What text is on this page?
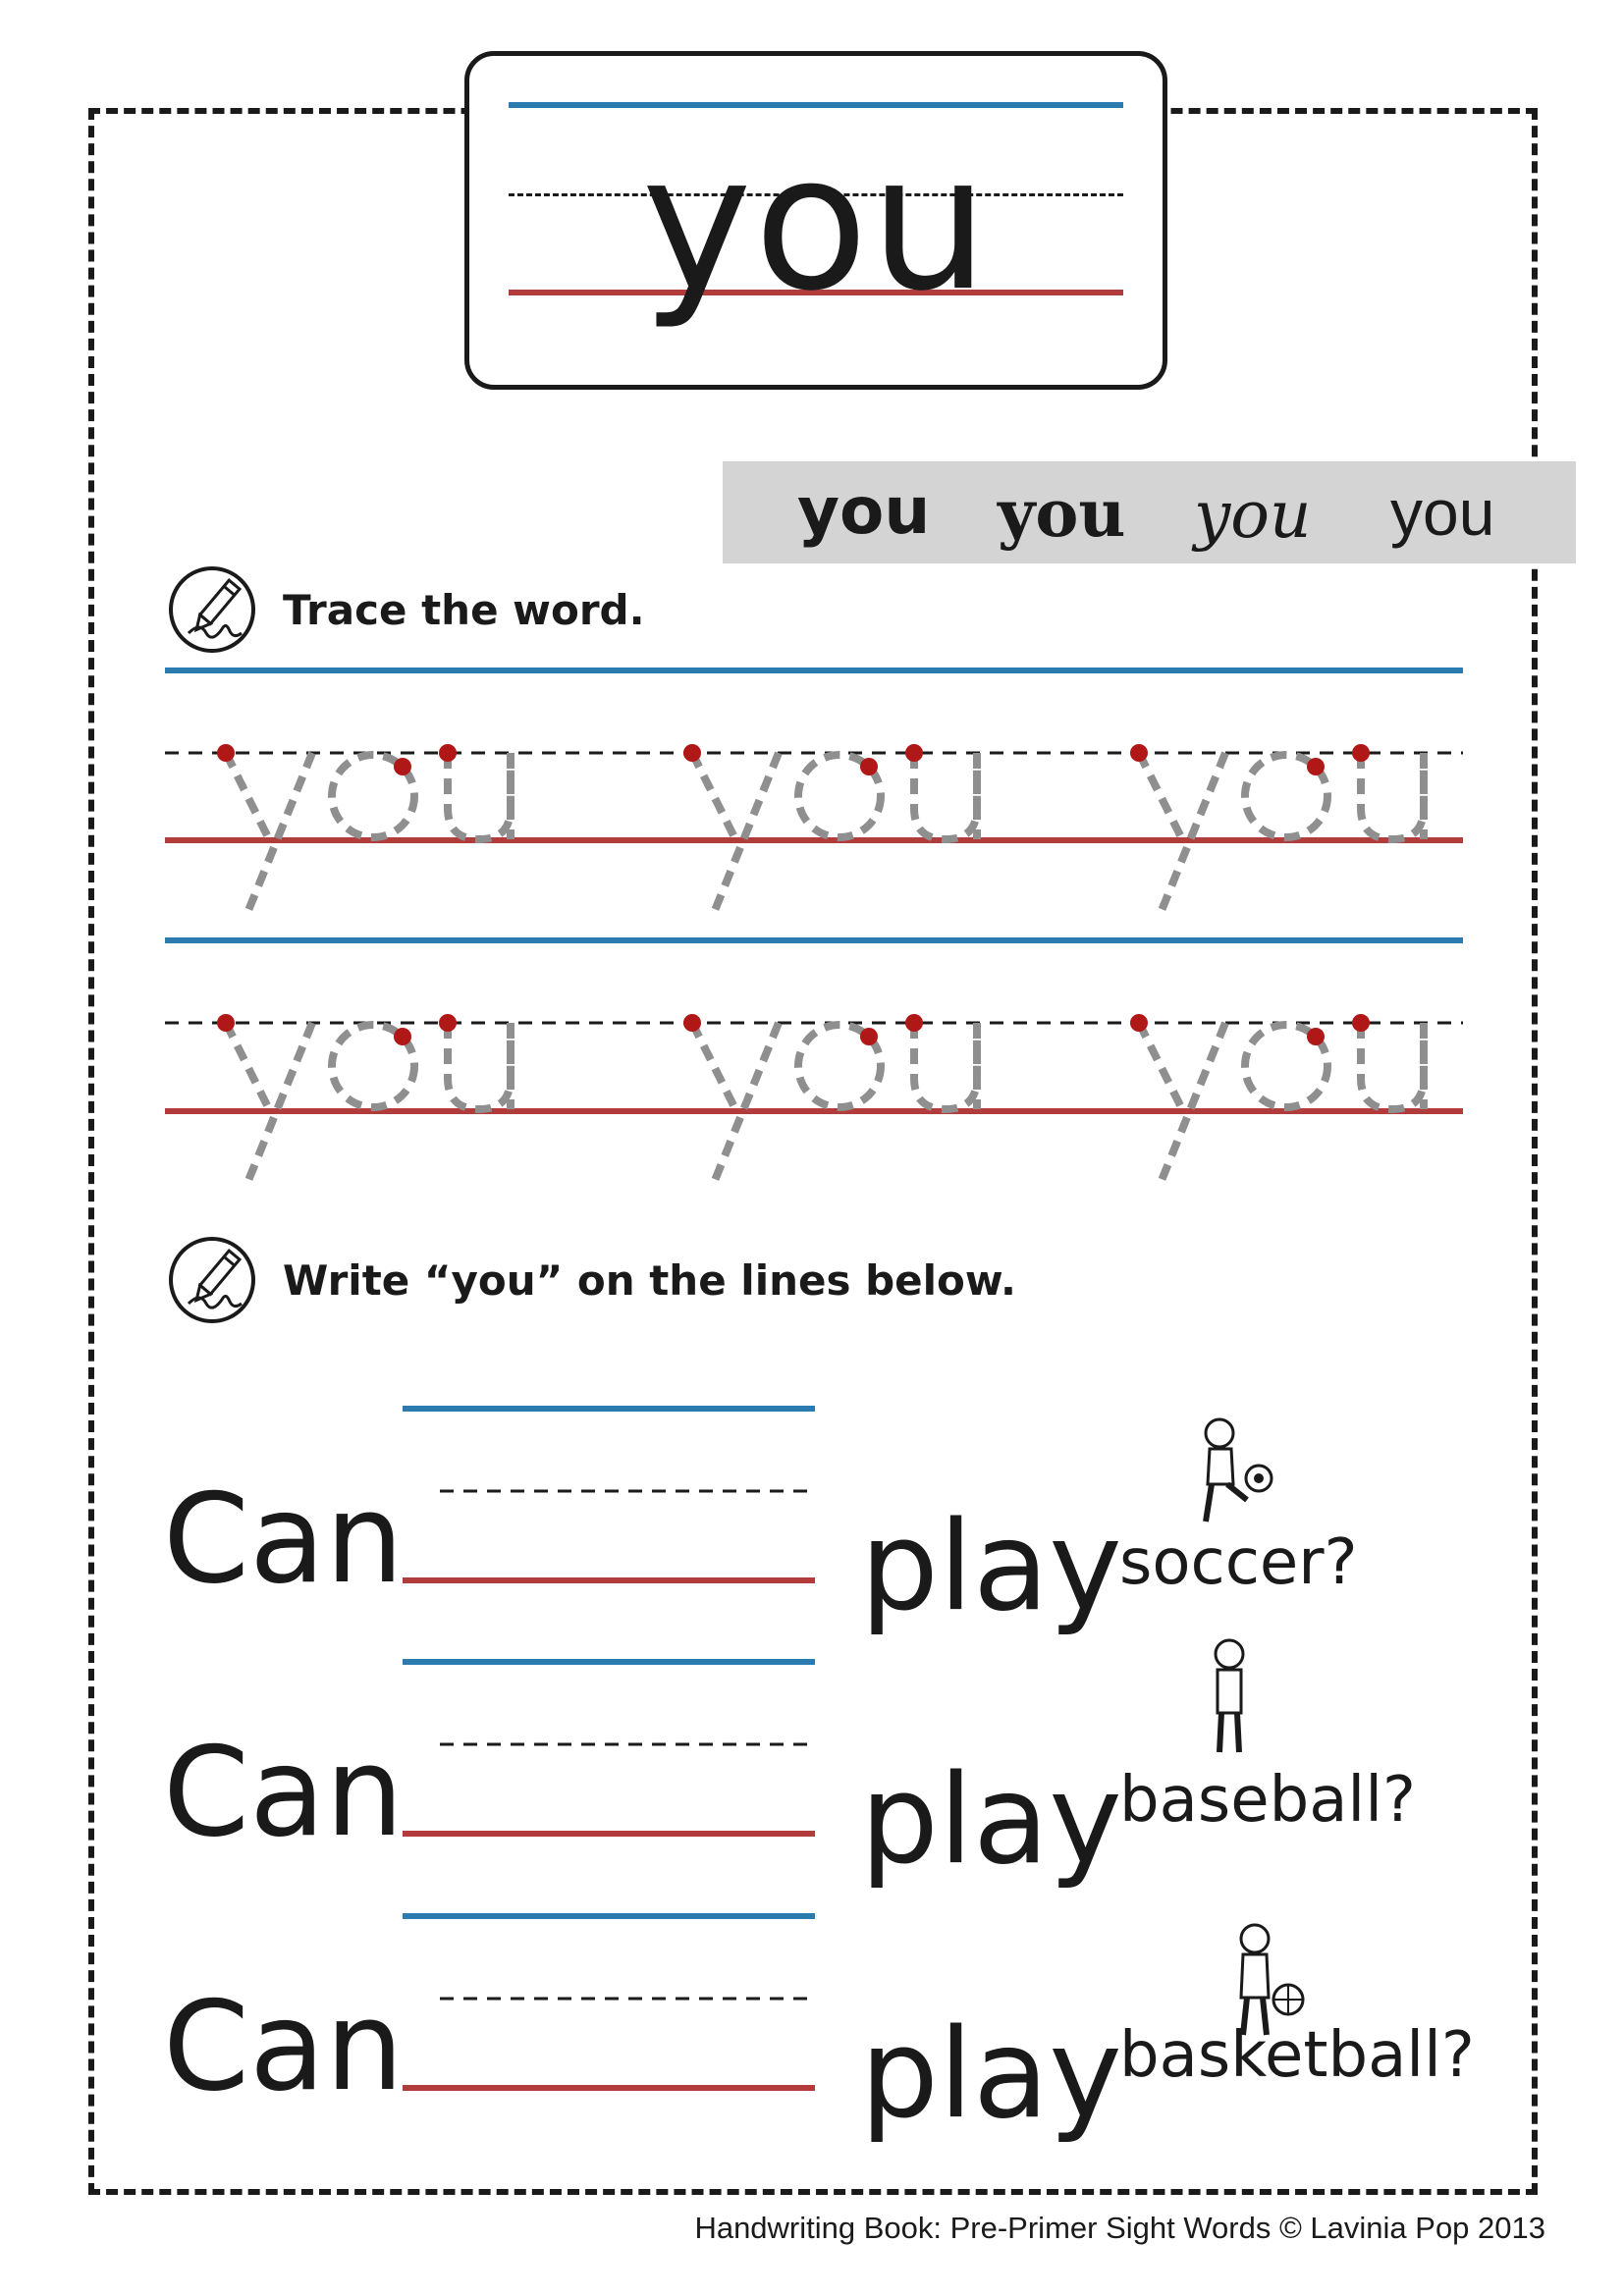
you
you you you you
Trace the word.
Write “you” on the lines below.
Can	play
soccer?
Can	play
baseball?
Can	play
basketball?
Handwriting Book: Pre-Primer Sight Words © Lavinia Pop 2013
